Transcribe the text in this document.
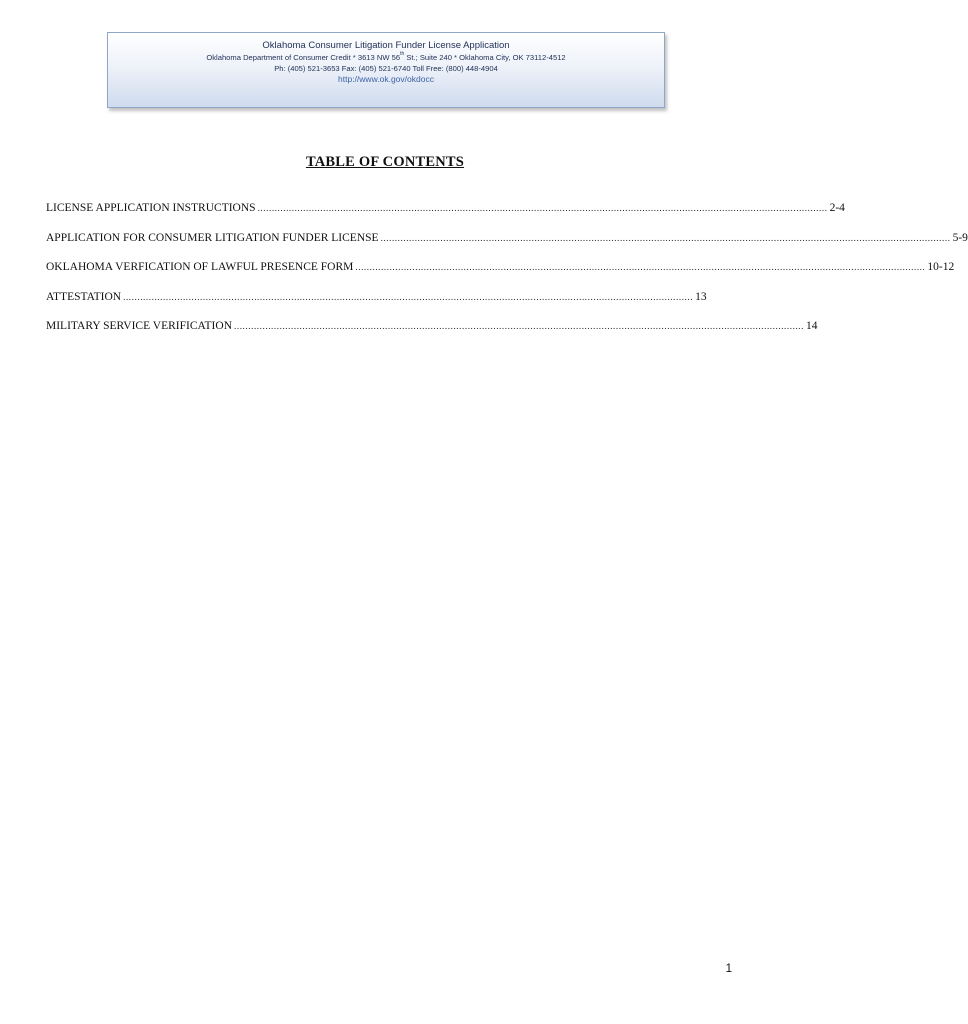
Oklahoma Consumer Litigation Funder License Application
Oklahoma Department of Consumer Credit * 3613 NW 56th St.; Suite 240 * Oklahoma City, OK 73112-4512
Ph: (405) 521-3653 Fax: (405) 521-6740 Toll Free: (800) 448-4904
http://www.ok.gov/okdocc
TABLE OF CONTENTS
LICENSE APPLICATION INSTRUCTIONS ........................................................................................................................................................................................................ 2-4
APPLICATION FOR CONSUMER LITIGATION FUNDER LICENSE ........................................................................................................................................................................................................ 5-9
OKLAHOMA VERFICATION OF LAWFUL PRESENCE FORM ........................................................................................................................................................................................................ 10-12
ATTESTATION ........................................................................................................................................................................................................ 13
MILITARY SERVICE VERIFICATION ........................................................................................................................................................................................................ 14
1
